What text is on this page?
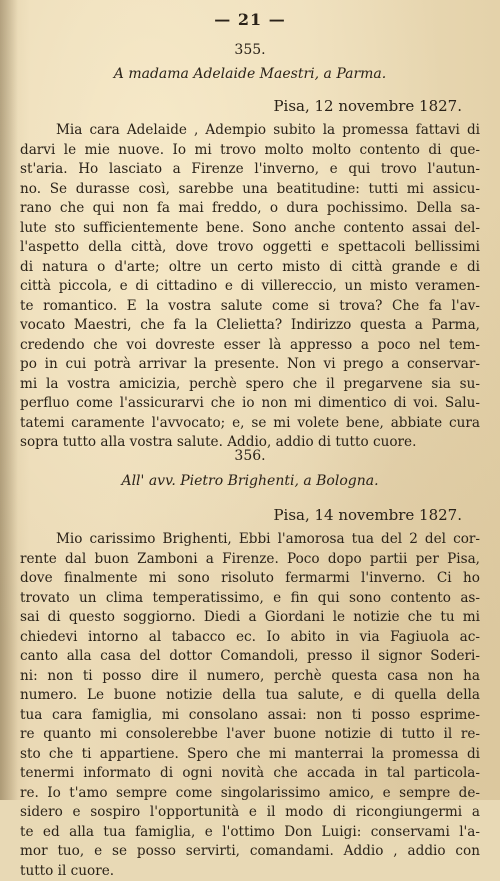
— 21 —
355.
A madama Adelaide Maestri, a Parma.
Pisa, 12 novembre 1827.
Mia cara Adelaide , Adempio subito la promessa fattavi di
darvi le mie nuove. Io mi trovo molto molto contento di que-
st'aria. Ho lasciato a Firenze l'inverno, e qui trovo l'autun-
no. Se durasse così, sarebbe una beatitudine: tutti mi assicu-
rano che qui non fa mai freddo, o dura pochissimo. Della sa-
lute sto sufficientemente bene. Sono anche contento assai del-
l'aspetto della città, dove trovo oggetti e spettacoli bellissimi
di natura o d'arte; oltre un certo misto di città grande e di
città piccola, e di cittadino e di villereccio, un misto veramen-
te romantico. E la vostra salute come si trova? Che fa l'av-
vocato Maestri, che fa la Clelietta? Indirizzo questa a Parma,
credendo che voi dovreste esser là appresso a poco nel tem-
po in cui potrà arrivar la presente. Non vi prego a conservar-
mi la vostra amicizia, perchè spero che il pregarvene sia su-
perfluo come l'assicurarvi che io non mi dimentico di voi. Salu-
tatemi caramente l'avvocato; e, se mi volete bene, abbiate cura
sopra tutto alla vostra salute. Addio, addio di tutto cuore.
356.
All' avv. Pietro Brighenti, a Bologna.
Pisa, 14 novembre 1827.
Mio carissimo Brighenti, Ebbi l'amorosa tua del 2 del cor-
rente dal buon Zamboni a Firenze. Poco dopo partii per Pisa,
dove finalmente mi sono risoluto fermarmi l'inverno. Ci ho
trovato un clima temperatissimo, e fin qui sono contento as-
sai di questo soggiorno. Diedi a Giordani le notizie che tu mi
chiedevi intorno al tabacco ec. Io abito in via Fagiuola ac-
canto alla casa del dottor Comandoli, presso il signor Soderi-
ni: non ti posso dire il numero, perchè questa casa non ha
numero. Le buone notizie della tua salute, e di quella della
tua cara famiglia, mi consolano assai: non ti posso esprime-
re quanto mi consolerebbe l'aver buone notizie di tutto il re-
sto che ti appartiene. Spero che mi manterrai la promessa di
tenermi informato di ogni novità che accada in tal particola-
re. Io t'amo sempre come singolarissimo amico, e sempre de-
sidero e sospiro l'opportunità e il modo di ricongiungermi a
te ed alla tua famiglia, e l'ottimo Don Luigi: conservami l'a-
mor tuo, e se posso servirti, comandami. Addio , addio con
tutto il cuore.
